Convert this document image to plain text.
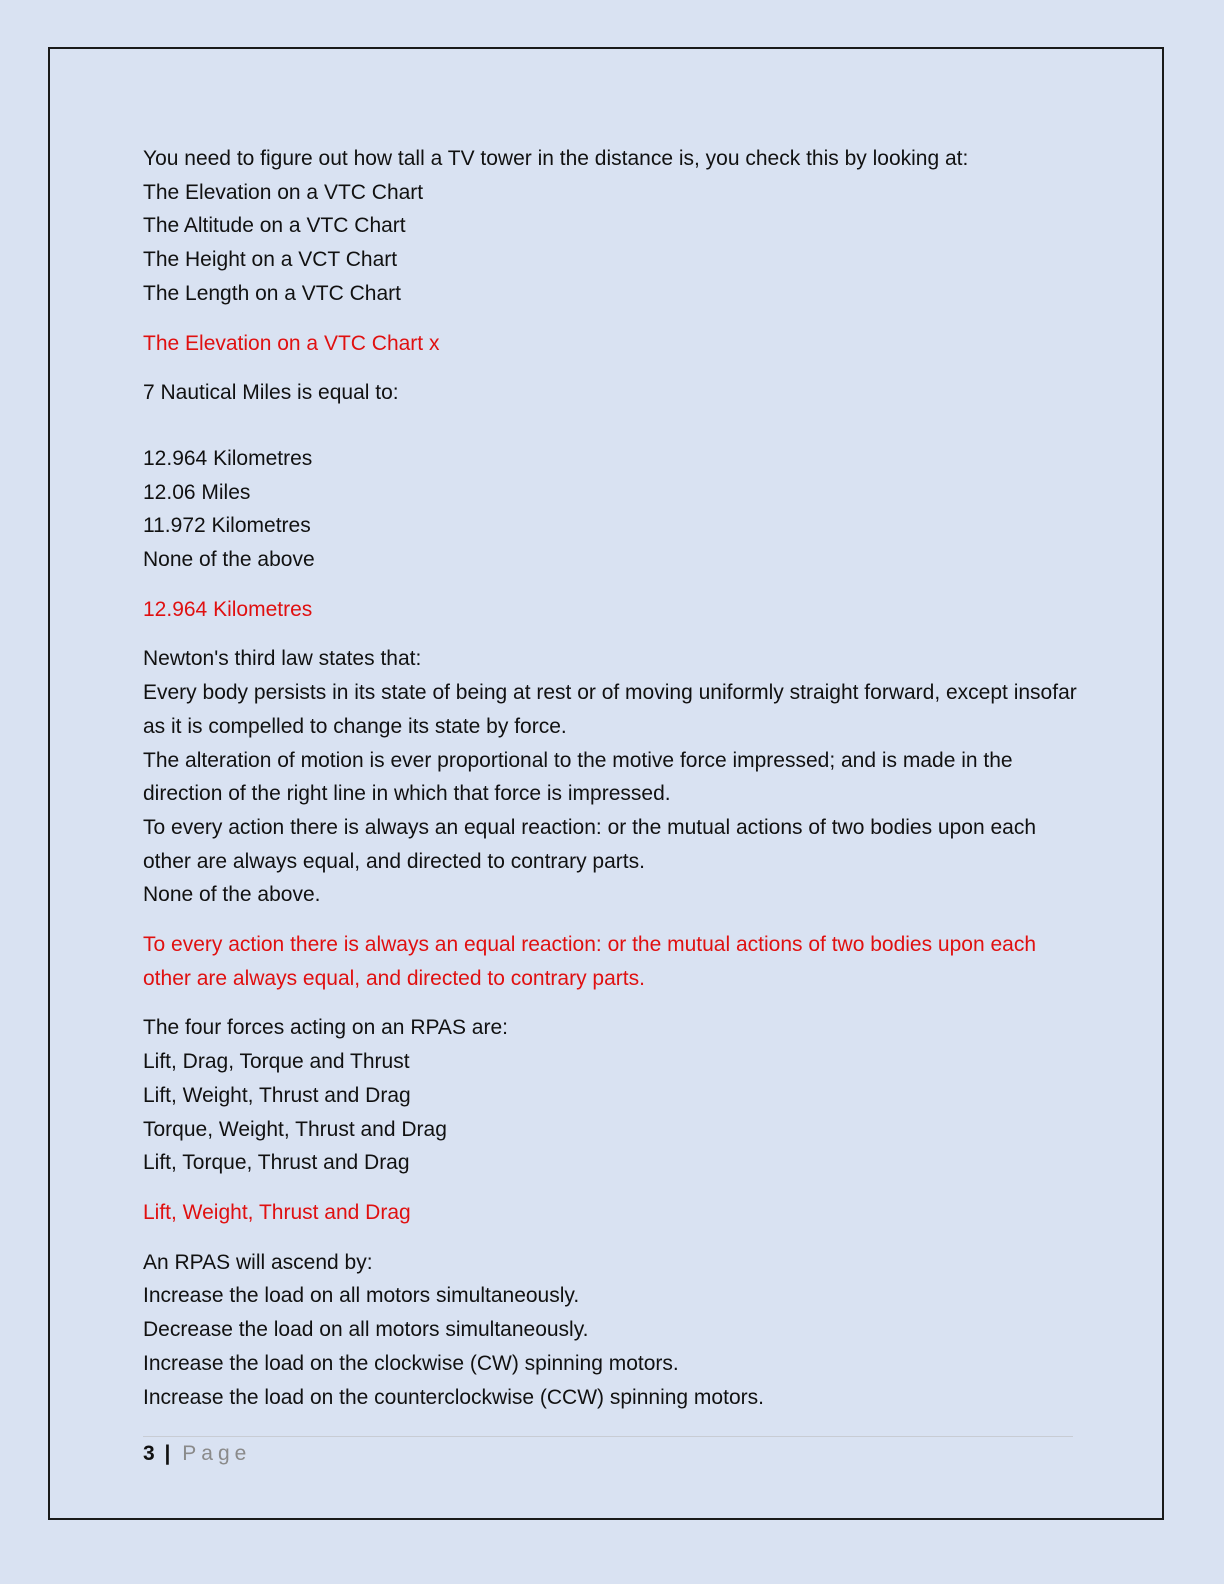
You need to figure out how tall a TV tower in the distance is, you check this by looking at:
The Elevation on a VTC Chart
The Altitude on a VTC Chart
The Height on a VCT Chart
The Length on a VTC Chart
The Elevation on a VTC Chart x
7 Nautical Miles is equal to:
12.964 Kilometres
12.06 Miles
11.972 Kilometres
None of the above
12.964 Kilometres
Newton's third law states that:
Every body persists in its state of being at rest or of moving uniformly straight forward, except insofar as it is compelled to change its state by force.
The alteration of motion is ever proportional to the motive force impressed; and is made in the direction of the right line in which that force is impressed.
To every action there is always an equal reaction: or the mutual actions of two bodies upon each other are always equal, and directed to contrary parts.
None of the above.
To every action there is always an equal reaction: or the mutual actions of two bodies upon each other are always equal, and directed to contrary parts.
The four forces acting on an RPAS are:
Lift, Drag, Torque and Thrust
Lift, Weight, Thrust and Drag
Torque, Weight, Thrust and Drag
Lift, Torque, Thrust and Drag
Lift, Weight, Thrust and Drag
An RPAS will ascend by:
Increase the load on all motors simultaneously.
Decrease the load on all motors simultaneously.
Increase the load on the clockwise (CW) spinning motors.
Increase the load on the counterclockwise (CCW) spinning motors.
3 | Page
